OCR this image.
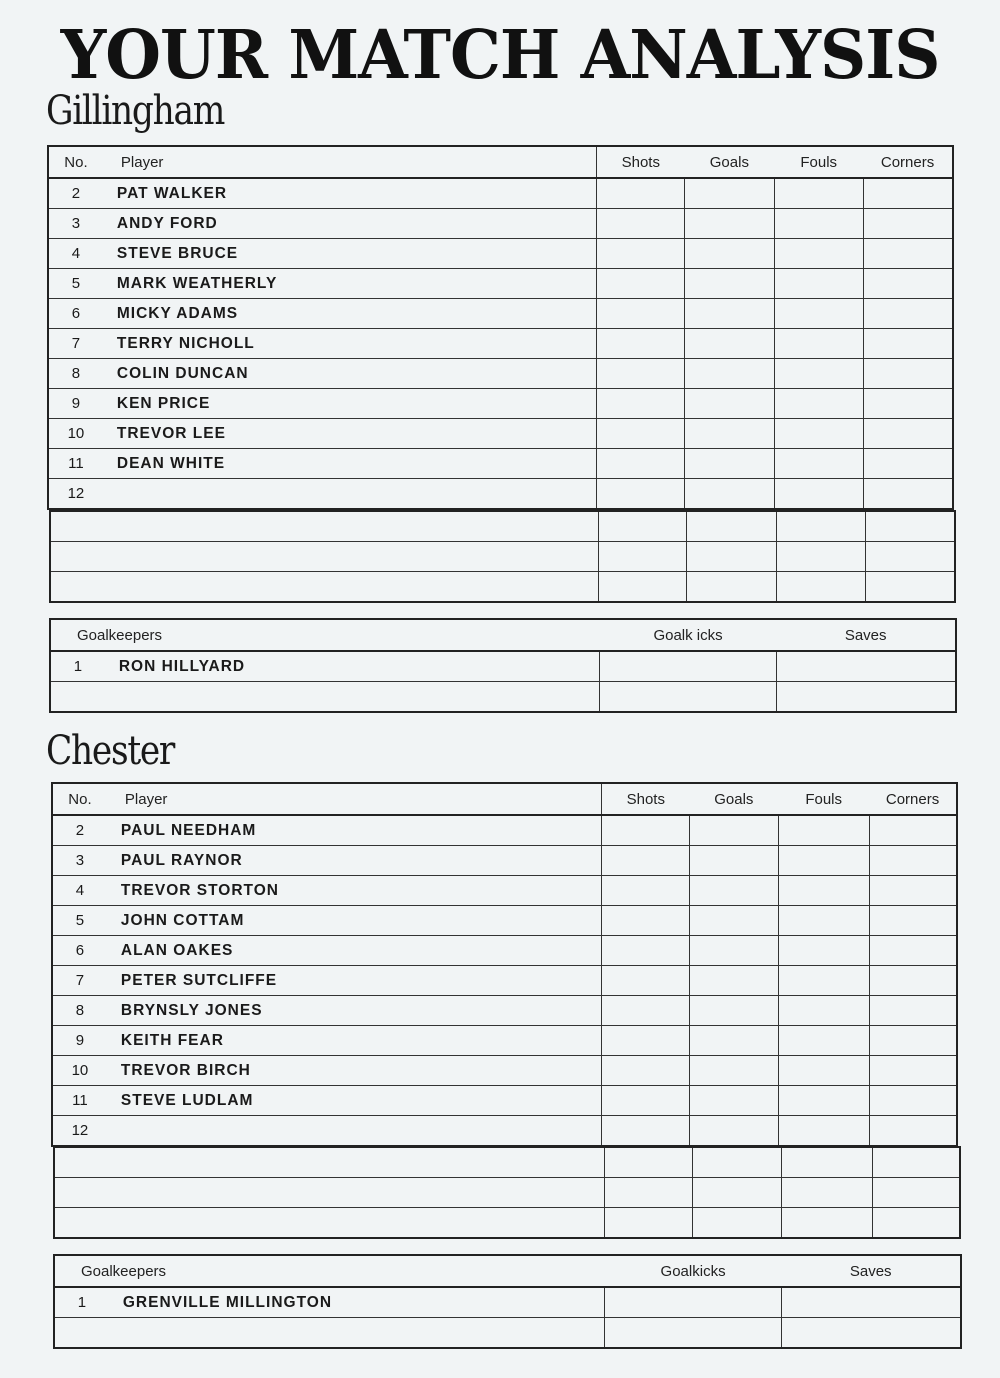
YOUR MATCH ANALYSIS
Gillingham
No.	Player	Shots	Goals	Fouls	Corners
2	PAT WALKER				
3	ANDY FORD				
4	STEVE BRUCE				
5	MARK WEATHERLY				
6	MICKY ADAMS				
7	TERRY NICHOLL				
8	COLIN DUNCAN				
9	KEN PRICE				
10	TREVOR LEE				
11	DEAN WHITE				
12					

Goalkeepers		Goalk icks	Saves
1	RON HILLYARD		

Chester
No.	Player	Shots	Goals	Fouls	Corners
2	PAUL NEEDHAM				
3	PAUL RAYNOR				
4	TREVOR STORTON				
5	JOHN COTTAM				
6	ALAN OAKES				
7	PETER SUTCLIFFE				
8	BRYNSLY JONES				
9	KEITH FEAR				
10	TREVOR BIRCH				
11	STEVE LUDLAM				
12					

Goalkeepers		Goalkicks	Saves
1	GRENVILLE MILLINGTON		
